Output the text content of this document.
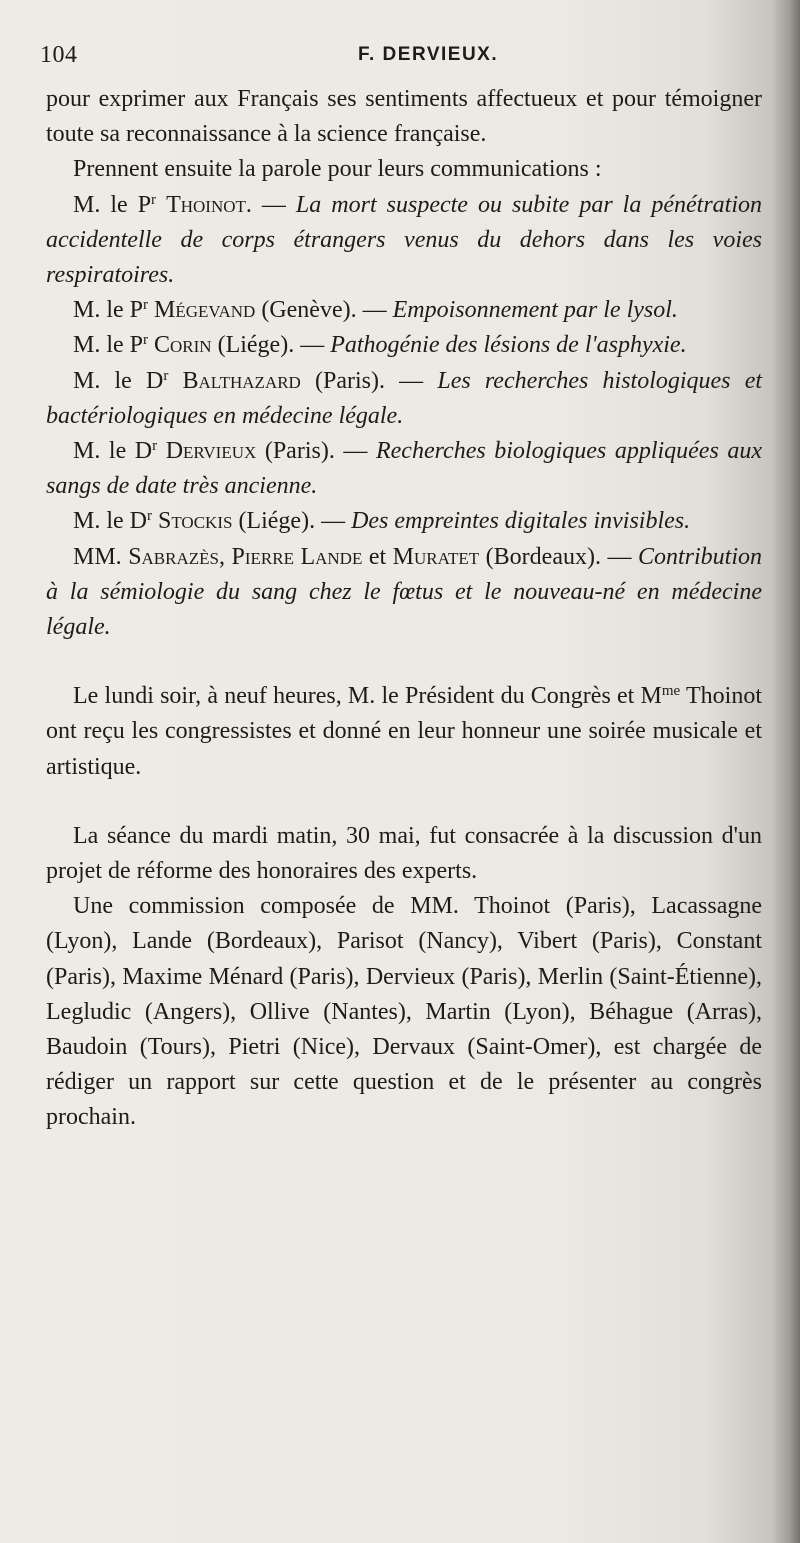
104	F. DERVIEUX.

pour exprimer aux Français ses sentiments affectueux et pour témoigner toute sa reconnaissance à la science française.

Prennent ensuite la parole pour leurs communications :

M. le $P^r$ Thoinot. — La mort suspecte ou subite par la pénétration accidentelle de corps étrangers venus du dehors dans les voies respiratoires.

M. le $P^r$ Mégevand (Genève). — Empoisonnement par le lysol.

M. le $P^r$ Corin (Liége). — Pathogénie des lésions de l'asphyxie.

M. le $D^r$ Balthazard (Paris). — Les recherches histologiques et bactériologiques en médecine légale.

M. le $D^r$ Dervieux (Paris). — Recherches biologiques appliquées aux sangs de date très ancienne.

M. le $D^r$ Stockis (Liége). — Des empreintes digitales invisibles.

MM. Sabrazès, Pierre Lande et Muratet (Bordeaux). — Contribution à la sémiologie du sang chez le fœtus et le nouveau-né en médecine légale.

Le lundi soir, à neuf heures, M. le Président du Congrès et $M^{me}$ Thoinot ont reçu les congressistes et donné en leur honneur une soirée musicale et artistique.

La séance du mardi matin, 30 mai, fut consacrée à la discussion d'un projet de réforme des honoraires des experts.

Une commission composée de MM. Thoinot (Paris), Lacassagne (Lyon), Lande (Bordeaux), Parisot (Nancy), Vibert (Paris), Constant (Paris), Maxime Ménard (Paris), Dervieux (Paris), Merlin (Saint-Étienne), Legludic (Angers), Ollive (Nantes), Martin (Lyon), Béhague (Arras), Baudoin (Tours), Pietri (Nice), Dervaux (Saint-Omer), est chargée de rédiger un rapport sur cette question et de le présenter au congrès prochain.
